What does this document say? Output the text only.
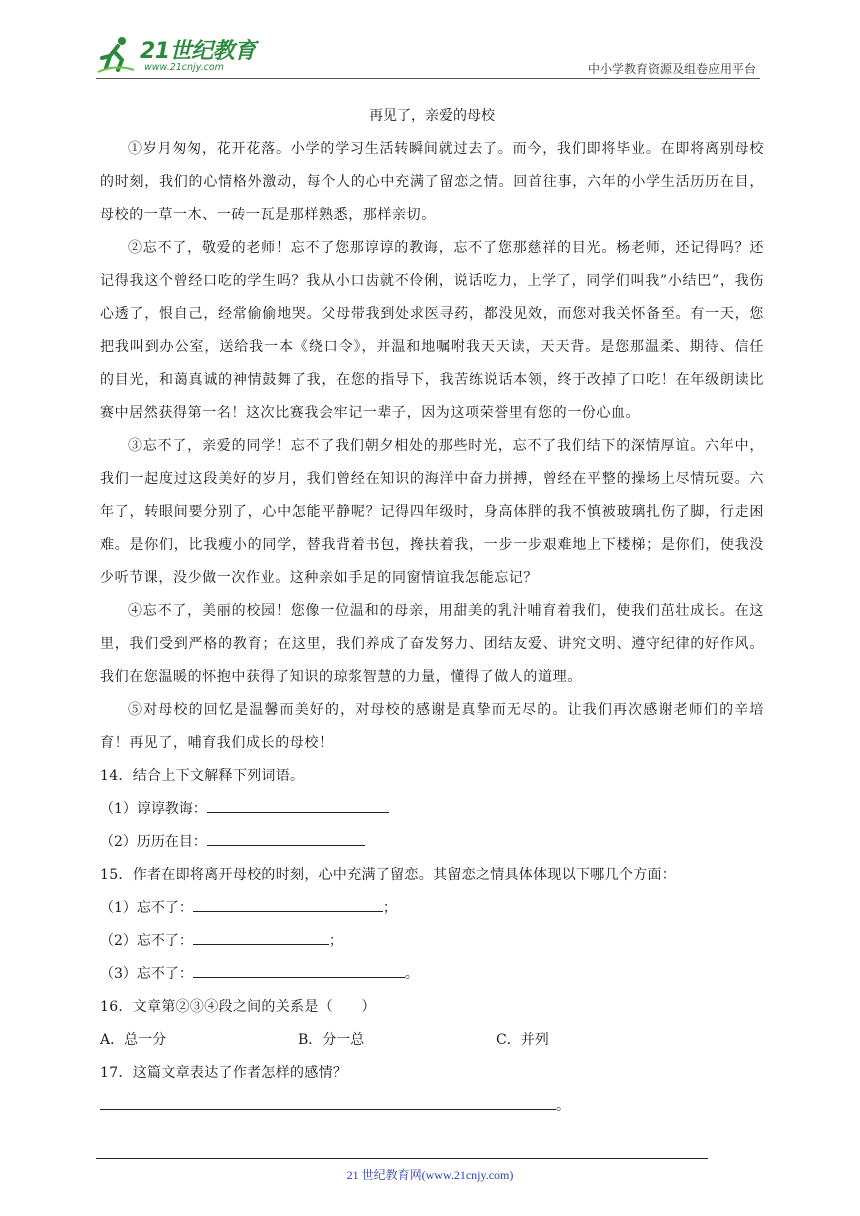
21世纪教育
www.21cnjy.com	中小学教育资源及组卷应用平台

再见了，亲爱的母校

①岁月匆匆，花开花落。小学的学习生活转瞬间就过去了。而今，我们即将毕业。在即将离别母校的时刻，我们的心情格外激动，每个人的心中充满了留恋之情。回首往事，六年的小学生活历历在目，母校的一草一木、一砖一瓦是那样熟悉，那样亲切。

②忘不了，敬爱的老师！忘不了您那谆谆的教诲，忘不了您那慈祥的目光。杨老师，还记得吗？还记得我这个曾经口吃的学生吗？我从小口齿就不伶俐，说话吃力，上学了，同学们叫我”小结巴”，我伤心透了，恨自己，经常偷偷地哭。父母带我到处求医寻药，都没见效，而您对我关怀备至。有一天，您把我叫到办公室，送给我一本《绕口令》，并温和地嘱咐我天天读，天天背。是您那温柔、期待、信任的目光，和蔼真诚的神情鼓舞了我，在您的指导下，我苦练说话本领，终于改掉了口吃！在年级朗读比赛中居然获得第一名！这次比赛我会牢记一辈子，因为这项荣誉里有您的一份心血。

③忘不了，亲爱的同学！忘不了我们朝夕相处的那些时光，忘不了我们结下的深情厚谊。六年中，我们一起度过这段美好的岁月，我们曾经在知识的海洋中奋力拼搏，曾经在平整的操场上尽情玩耍。六年了，转眼间要分别了，心中怎能平静呢？记得四年级时，身高体胖的我不慎被玻璃扎伤了脚，行走困难。是你们，比我瘦小的同学，替我背着书包，搀扶着我，一步一步艰难地上下楼梯；是你们，使我没少听节课，没少做一次作业。这种亲如手足的同窗情谊我怎能忘记？

④忘不了，美丽的校园！您像一位温和的母亲，用甜美的乳汁哺育着我们，使我们茁壮成长。在这里，我们受到严格的教育；在这里，我们养成了奋发努力、团结友爱、讲究文明、遵守纪律的好作风。我们在您温暖的怀抱中获得了知识的琼浆智慧的力量，懂得了做人的道理。

⑤对母校的回忆是温馨而美好的，对母校的感谢是真挚而无尽的。让我们再次感谢老师们的辛培育！再见了，哺育我们成长的母校！

14．结合上下文解释下列词语。

（1）谆谆教诲：

（2）历历在目：

15．作者在即将离开母校的时刻，心中充满了留恋。其留恋之情具体体现以下哪几个方面：

（1）忘不了：	；

（2）忘不了：	；

（3）忘不了：	。

16．文章第②③④段之间的关系是（　　）

A．总一分	B．分一总	C．并列

17．这篇文章表达了作者怎样的感情？

。

21 世纪教育网(www.21cnjy.com)
